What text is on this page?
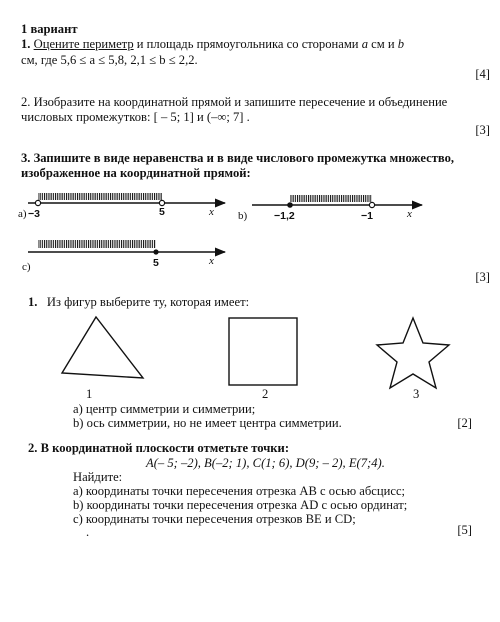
1 вариант
1. Оцените периметр и площадь прямоугольника со сторонами a см и b
см, где 5,6 ≤ a ≤ 5,8, 2,1 ≤ b ≤ 2,2.
[4]
2. Изобразите на координатной прямой и запишите пересечение и объединение
числовых промежутков: [ – 5; 1] и (–∞; 7] .
[3]
3. Запишите в виде неравенства и в виде числового промежутка множество,
изображенное на координатной прямой:
−3	5	x
a)	−1,2	−1	x
b)
5	x
c)
[3]
1. Из фигур выберите ту, которая имеет:
1	2	3
a) центр симметрии и симметрии;
b) ось симметрии, но не имеет центра симметрии.	[2]
2. В координатной плоскости отметьте точки:
A(– 5; –2), B(–2; 1), C(1; 6), D(9; – 2), E(7;4).
Найдите:
a) координаты точки пересечения отрезка AB с осью абсцисс;
b) координаты точки пересечения отрезка AD с осью ординат;
c) координаты точки пересечения отрезков BE и CD;
.	[5]
